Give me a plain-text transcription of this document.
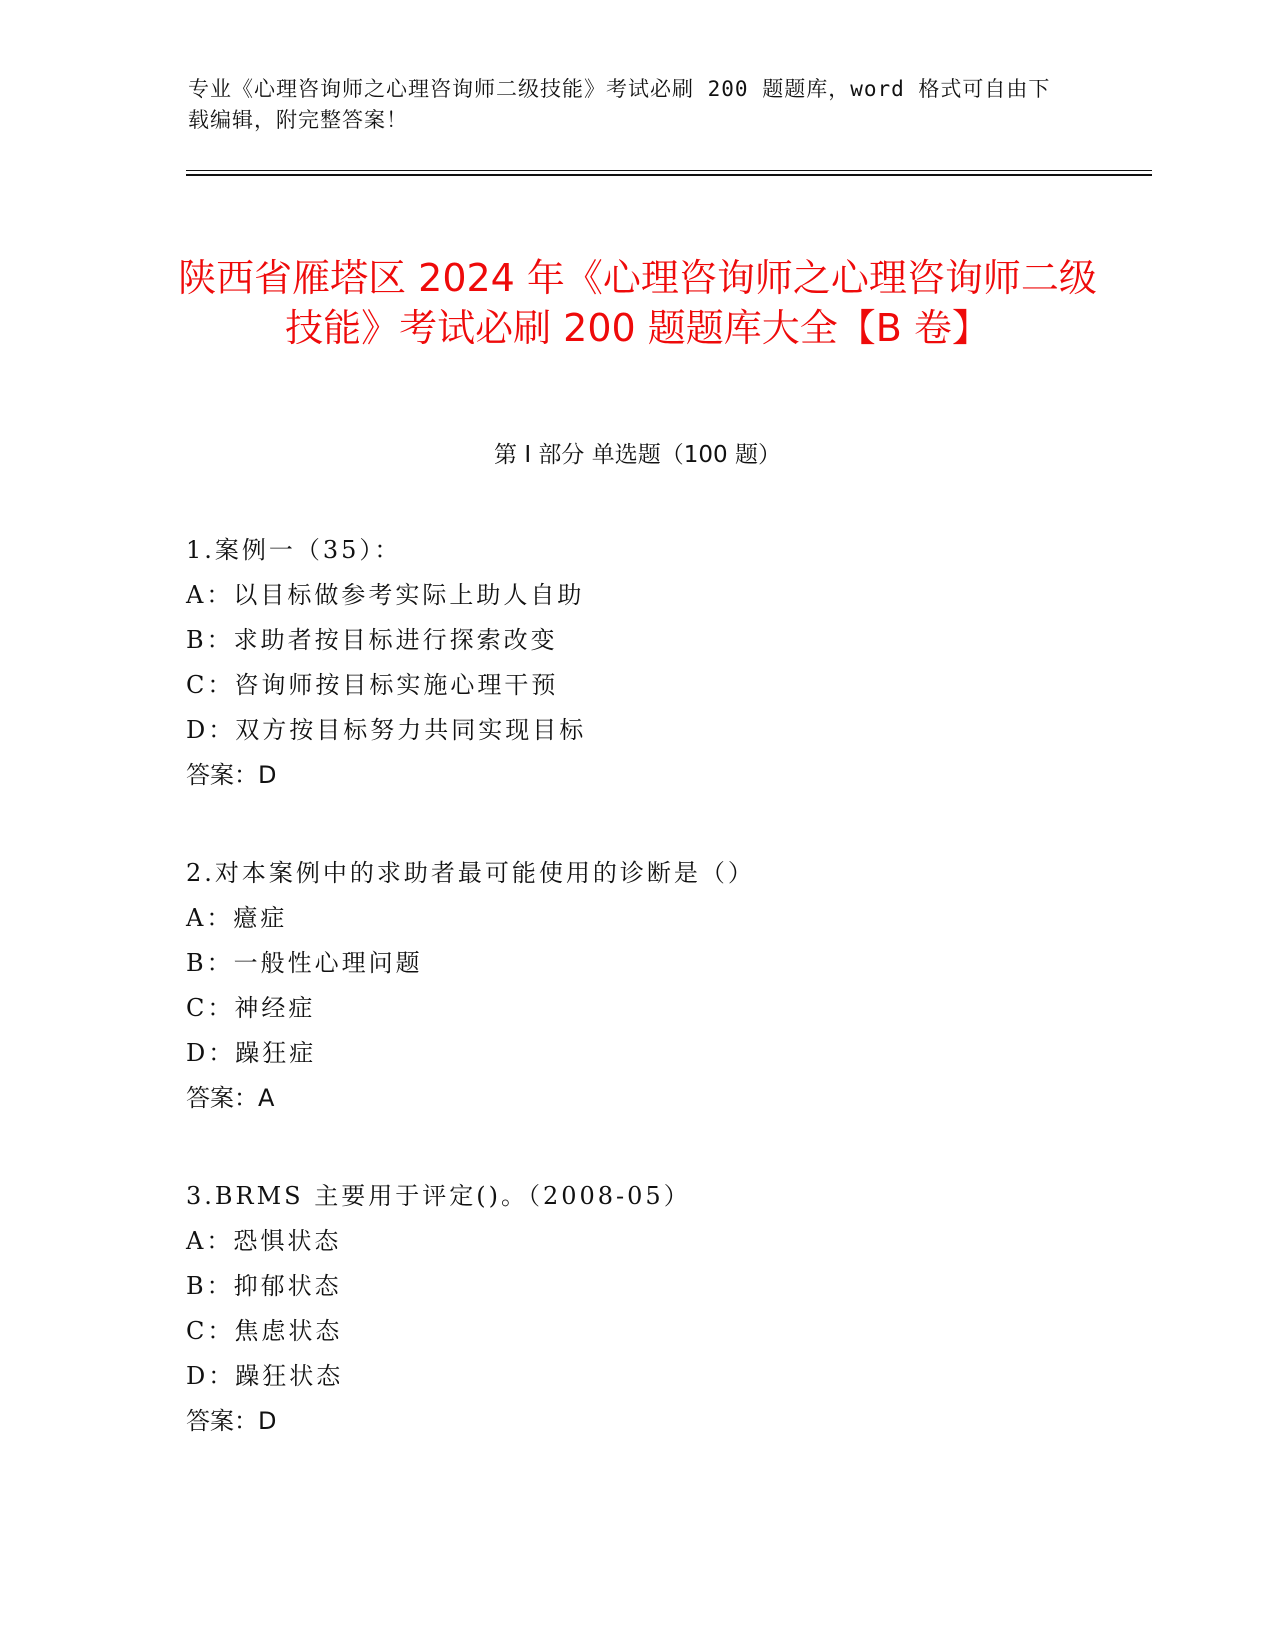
专业《心理咨询师之心理咨询师二级技能》考试必刷 200 题题库，word 格式可自由下载编辑，附完整答案！
陕西省雁塔区 2024 年《心理咨询师之心理咨询师二级技能》考试必刷 200 题题库大全【B 卷】
第 I 部分 单选题（100 题）
1.案例一（35）：
A：以目标做参考实际上助人自助
B：求助者按目标进行探索改变
C：咨询师按目标实施心理干预
D：双方按目标努力共同实现目标
答案：D
2.对本案例中的求助者最可能使用的诊断是（）
A：癔症
B：一般性心理问题
C：神经症
D：躁狂症
答案：A
3.BRMS 主要用于评定()。（2008-05）
A：恐惧状态
B：抑郁状态
C：焦虑状态
D：躁狂状态
答案：D
